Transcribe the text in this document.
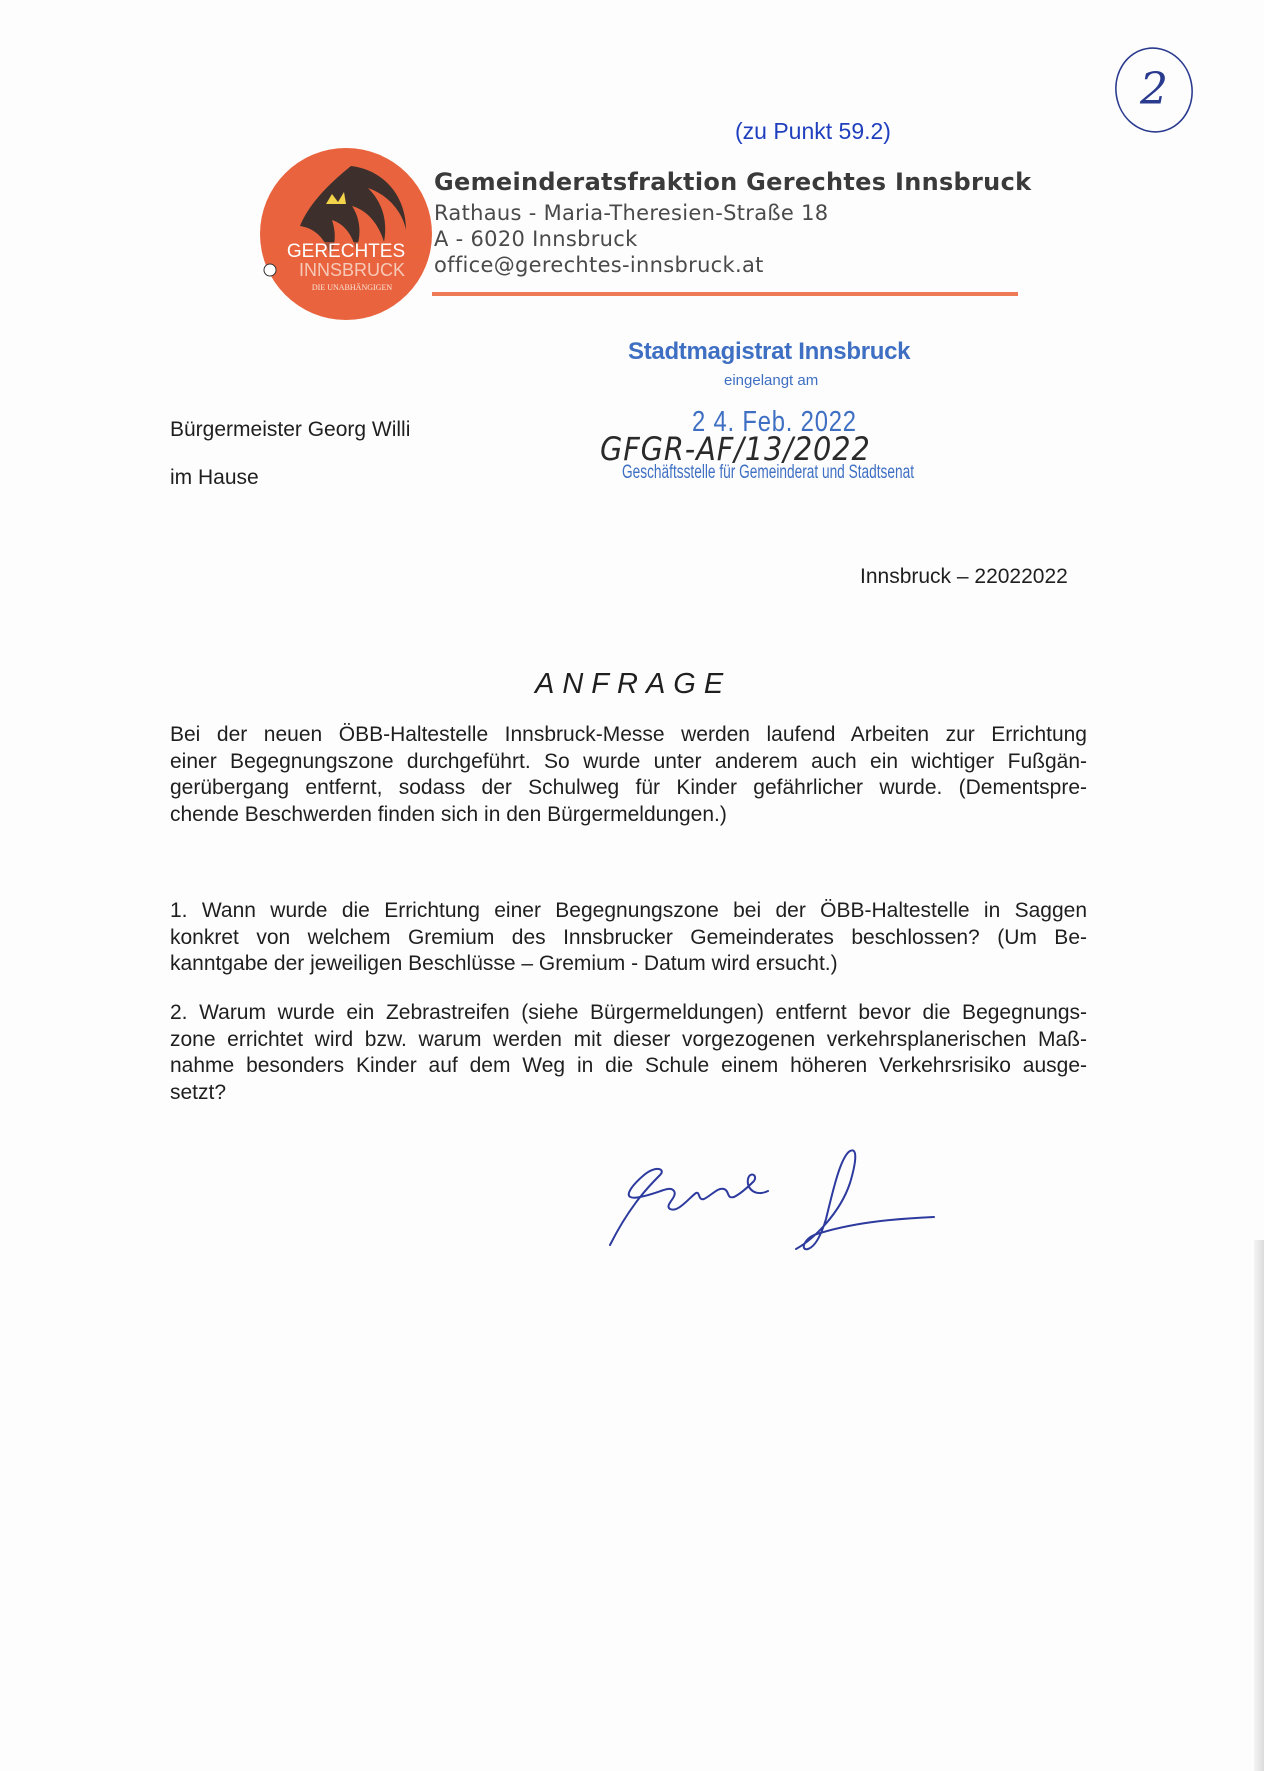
2
(zu Punkt 59.2)
GERECHTES
INNSBRUCK
DIE UNABHÄNGIGEN
Gemeinderatsfraktion Gerechtes Innsbruck
Rathaus - Maria-Theresien-Straße 18
A - 6020 Innsbruck
office@gerechtes-innsbruck.at
Stadtmagistrat Innsbruck
eingelangt am
2 4. Feb. 2022
GFGR-AF/13/2022
Geschäftsstelle für Gemeinderat und Stadtsenat
Bürgermeister Georg Willi
im Hause
Innsbruck – 22022022
ANFRAGE
Bei der neuen ÖBB-Haltestelle Innsbruck-Messe werden laufend Arbeiten zur Errichtung
einer Begegnungszone durchgeführt. So wurde unter anderem auch ein wichtiger Fußgän-
gerübergang entfernt, sodass der Schulweg für Kinder gefährlicher wurde. (Dementspre-
chende Beschwerden finden sich in den Bürgermeldungen.)
1. Wann wurde die Errichtung einer Begegnungszone bei der ÖBB-Haltestelle in Saggen
konkret von welchem Gremium des Innsbrucker Gemeinderates beschlossen? (Um Be-
kanntgabe der jeweiligen Beschlüsse – Gremium - Datum wird ersucht.)
2. Warum wurde ein Zebrastreifen (siehe Bürgermeldungen) entfernt bevor die Begegnungs-
zone errichtet wird bzw. warum werden mit dieser vorgezogenen verkehrsplanerischen Maß-
nahme besonders Kinder auf dem Weg in die Schule einem höheren Verkehrsrisiko ausge-
setzt?
